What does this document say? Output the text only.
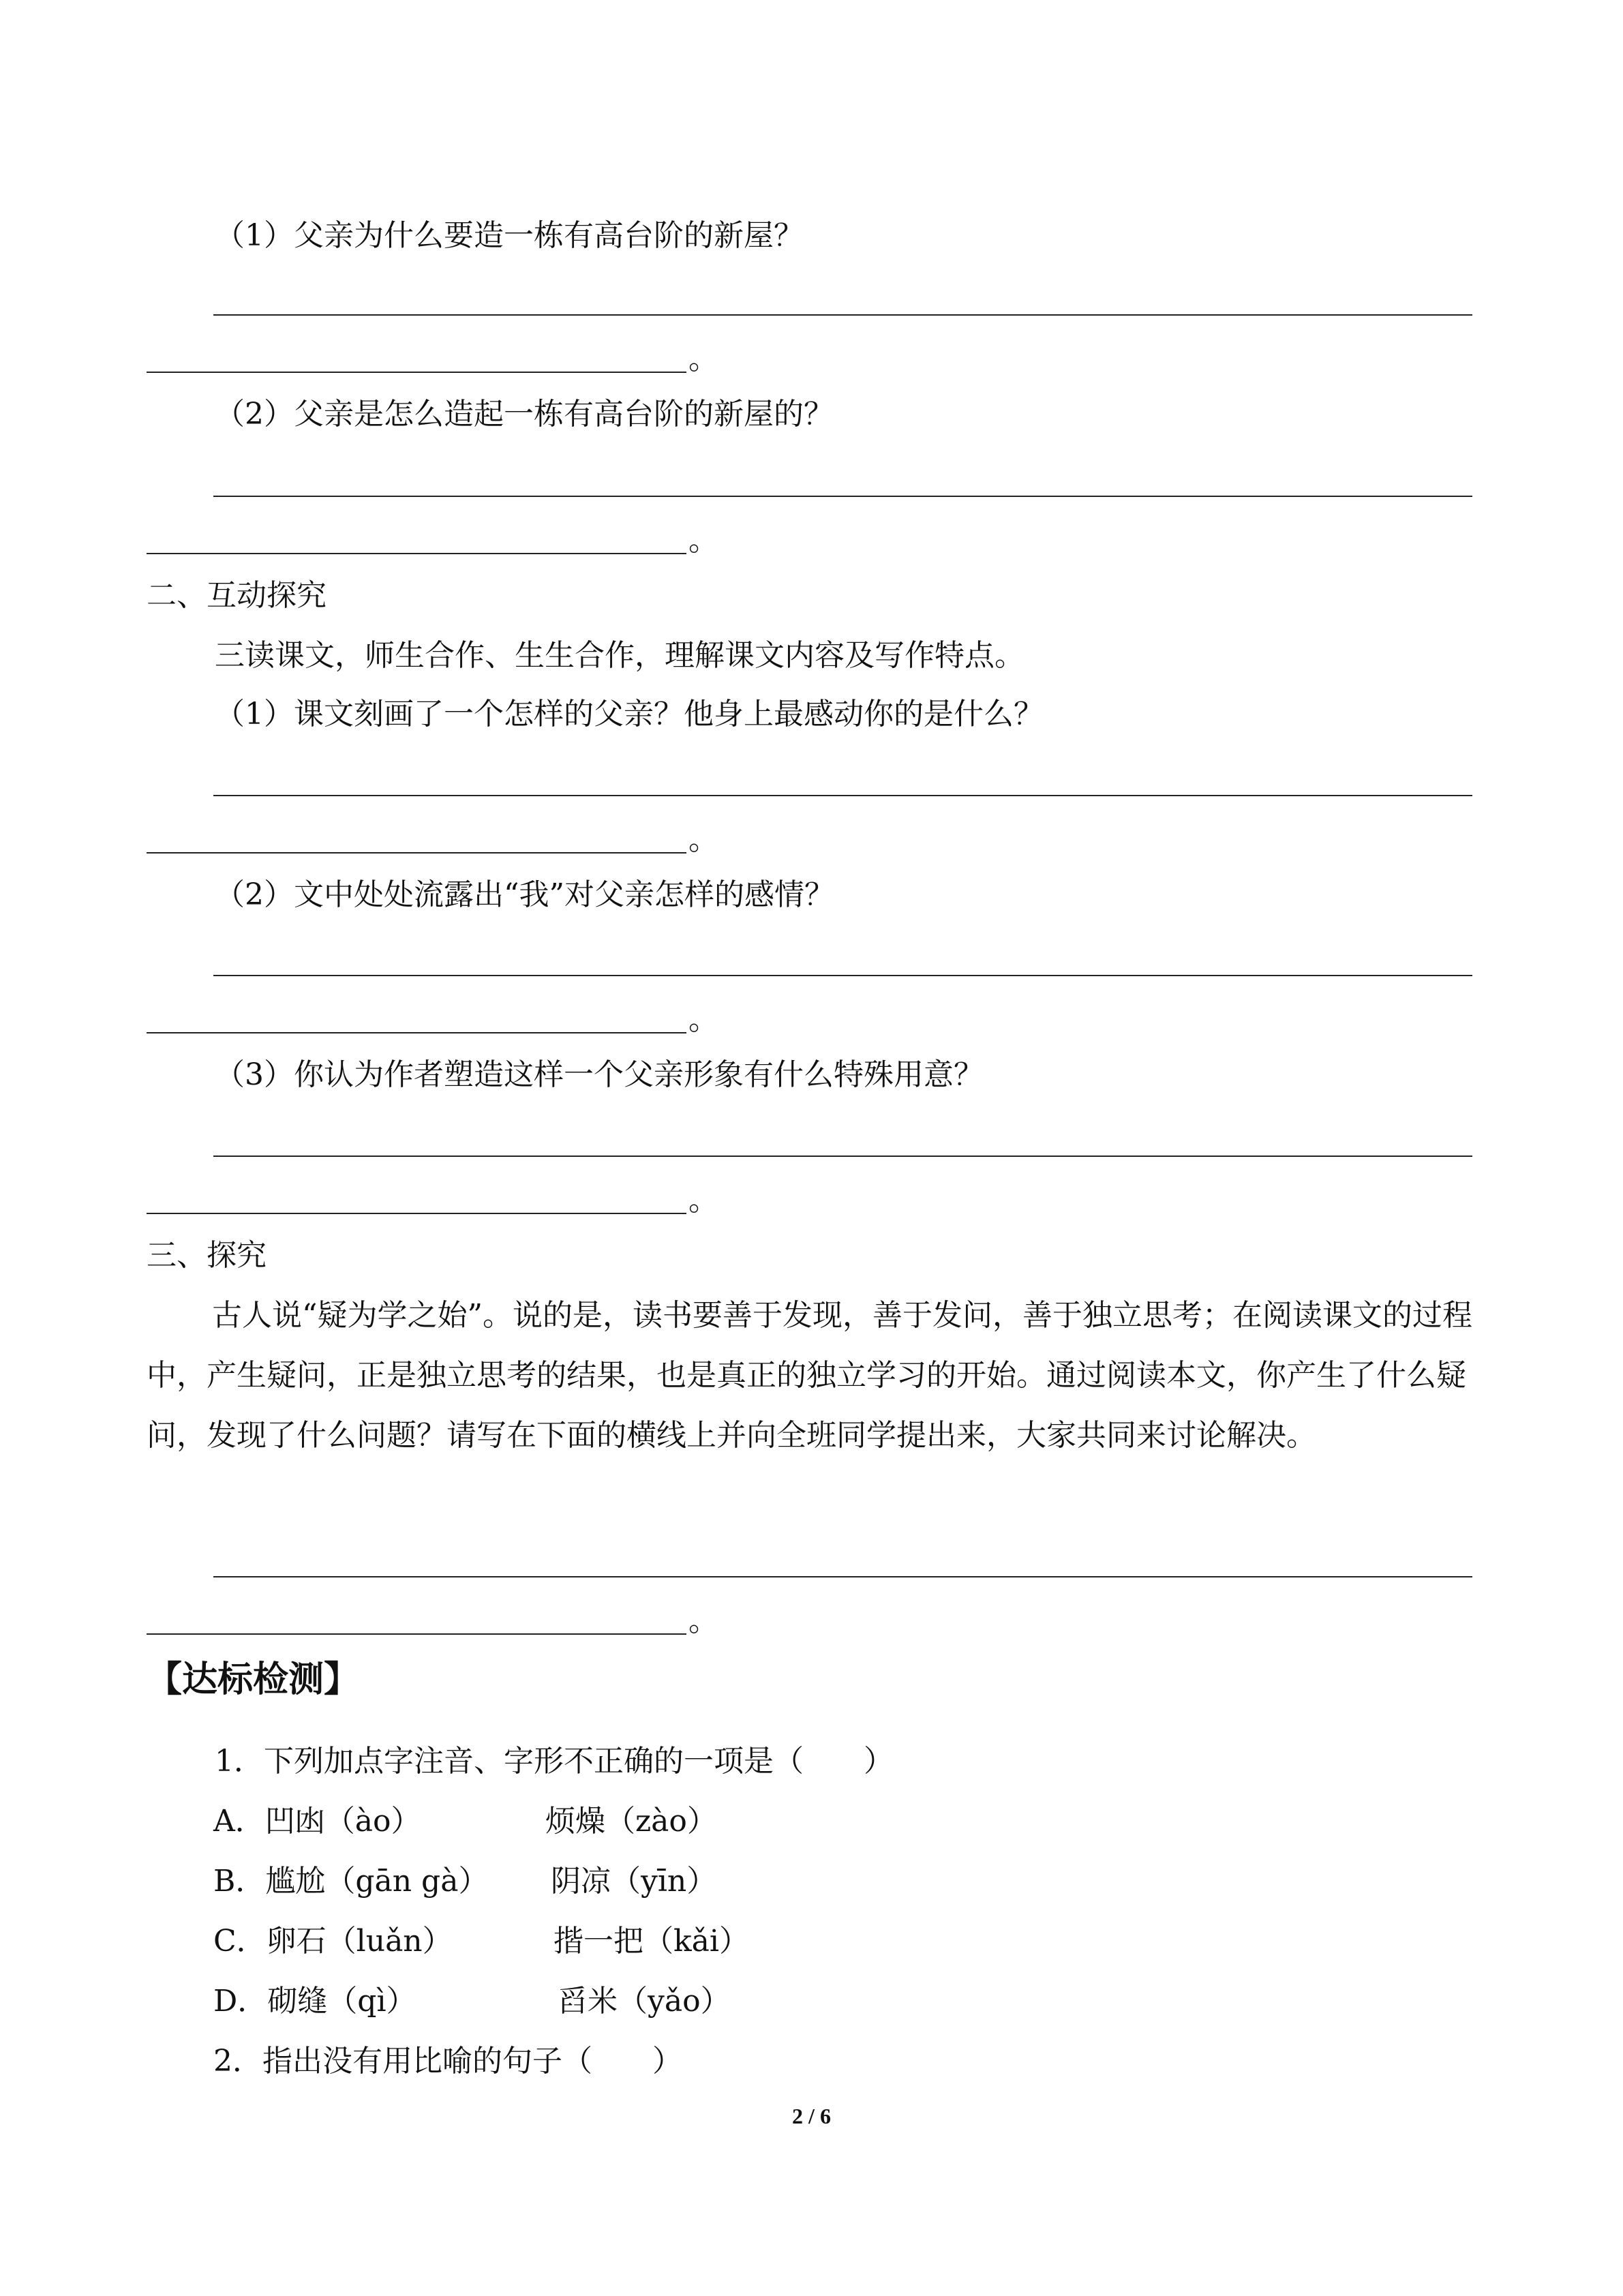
（1）父亲为什么要造一栋有高台阶的新屋？
。
（2）父亲是怎么造起一栋有高台阶的新屋的？
。
二、互动探究
三读课文，师生合作、生生合作，理解课文内容及写作特点。
（1）课文刻画了一个怎样的父亲？他身上最感动你的是什么？
。
（2）文中处处流露出“我”对父亲怎样的感情？
。
（3）你认为作者塑造这样一个父亲形象有什么特殊用意？
。
三、探究
古人说“疑为学之始”。说的是，读书要善于发现，善于发问，善于独立思考；在阅读课文的过程中，产生疑问，正是独立思考的结果，也是真正的独立学习的开始。通过阅读本文，你产生了什么疑问，发现了什么问题？请写在下面的横线上并向全班同学提出来，大家共同来讨论解决。
。
【达标检测】
1．下列加点字注音、字形不正确的一项是（　　）
A．凹凼（ào）	烦燥（zào）
B．尴尬（gān gà） 阴凉（yīn）
C．卵石（luǎn）	揩一把（kǎi）
D．砌缝（qì）	舀米（yǎo）
2．指出没有用比喻的句子（　　）
2 / 6
